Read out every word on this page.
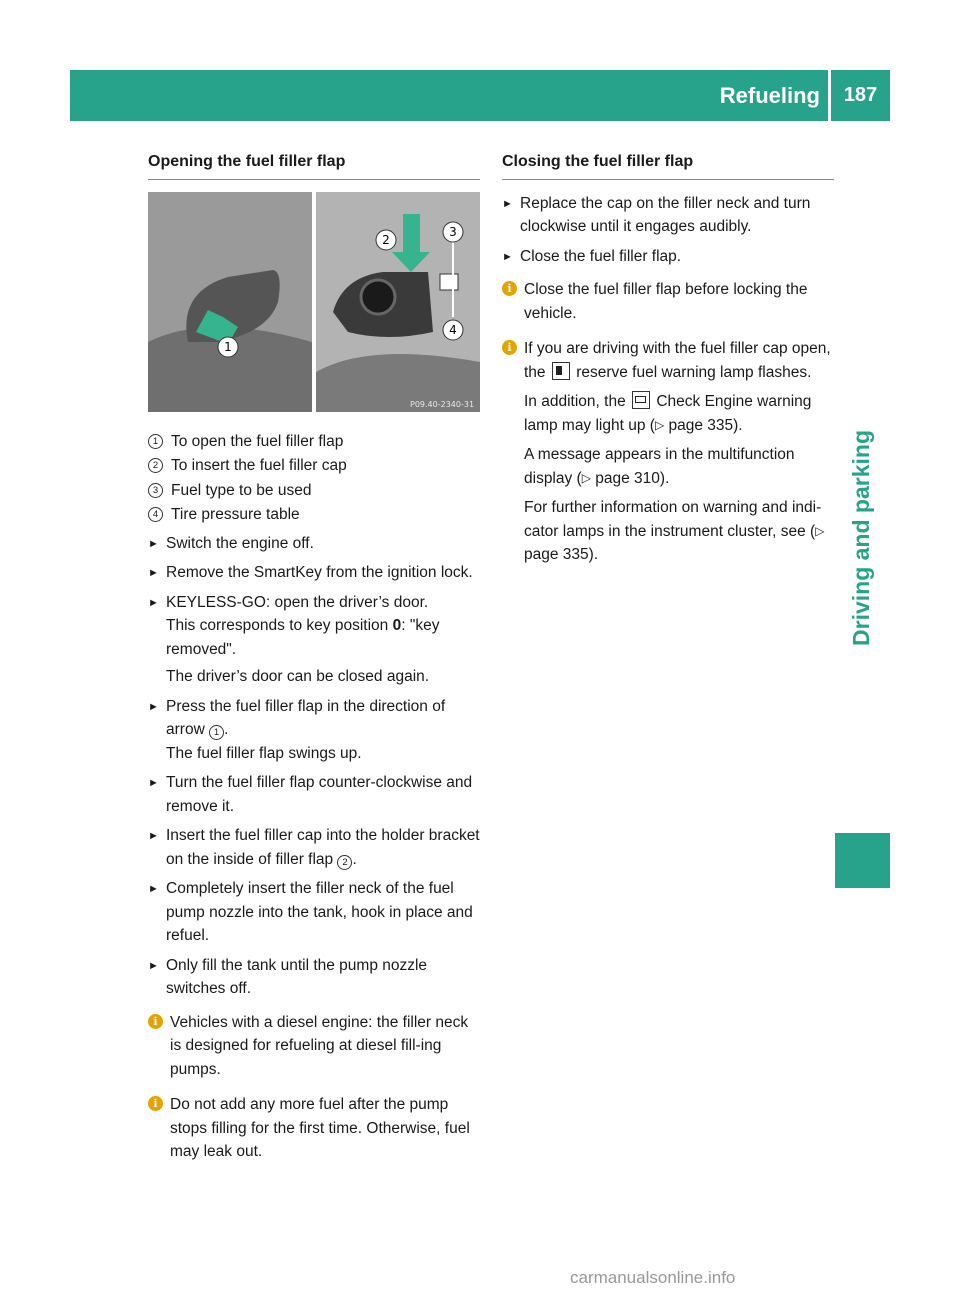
Refueling	187
Driving and parking
Opening the fuel filler flap
1
2
3
4
P09.40-2340-31
1 To open the fuel filler flap
2 To insert the fuel filler cap
3 Fuel type to be used
4 Tire pressure table
► Switch the engine off.

► Remove the SmartKey from the ignition lock.

► KEYLESS-GO: open the driver’s door.

This corresponds to key position 0: "key removed".

The driver’s door can be closed again.

► Press the fuel filler flap in the direction of arrow 1 .

The fuel filler flap swings up.

► Turn the fuel filler flap counter-clockwise and remove it.

► Insert the fuel filler cap into the holder bracket on the inside of filler flap 2 .

► Completely insert the filler neck of the fuel pump nozzle into the tank, hook in place and refuel.

► Only fill the tank until the pump nozzle switches off.

i Vehicles with a diesel engine: the filler neck is designed for refueling at diesel fill-ing pumps.

i Do not add any more fuel after the pump stops filling for the first time. Otherwise, fuel may leak out.

Closing the fuel filler flap
► Replace the cap on the filler neck and turn clockwise until it engages audibly.

► Close the fuel filler flap.

i Close the fuel filler flap before locking the vehicle.

i If you are driving with the fuel filler cap open, the reserve fuel warning lamp flashes.

In addition, the Check Engine warning lamp may light up (▷ page 335).

A message appears in the multifunction display (▷ page 310).

For further information on warning and indi-cator lamps in the instrument cluster, see (▷ page 335).

carmanualsonline.info
